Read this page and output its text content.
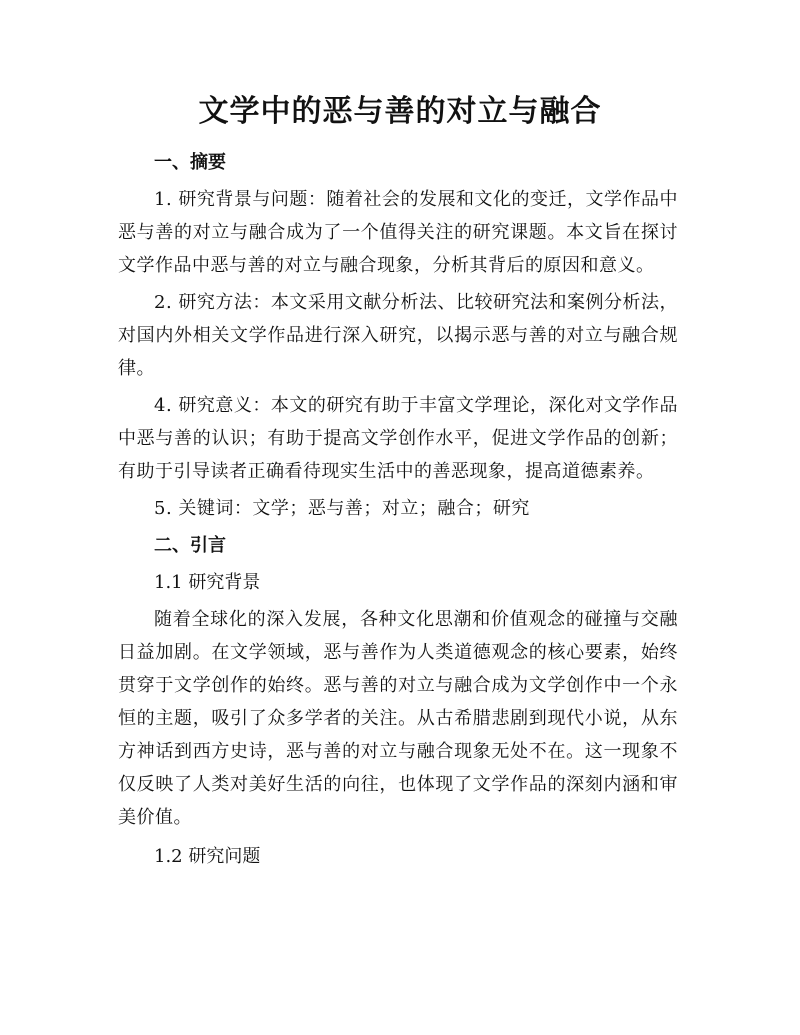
文学中的恶与善的对立与融合
一、摘要

1. 研究背景与问题：随着社会的发展和文化的变迁，文学作品中恶与善的对立与融合成为了一个值得关注的研究课题。本文旨在探讨文学作品中恶与善的对立与融合现象，分析其背后的原因和意义。

2. 研究方法：本文采用文献分析法、比较研究法和案例分析法，对国内外相关文学作品进行深入研究，以揭示恶与善的对立与融合规律。

4. 研究意义：本文的研究有助于丰富文学理论，深化对文学作品中恶与善的认识；有助于提高文学创作水平，促进文学作品的创新；有助于引导读者正确看待现实生活中的善恶现象，提高道德素养。

5. 关键词：文学；恶与善；对立；融合；研究

二、引言
1.1 研究背景

随着全球化的深入发展，各种文化思潮和价值观念的碰撞与交融日益加剧。在文学领域，恶与善作为人类道德观念的核心要素，始终贯穿于文学创作的始终。恶与善的对立与融合成为文学创作中一个永恒的主题，吸引了众多学者的关注。从古希腊悲剧到现代小说，从东方神话到西方史诗，恶与善的对立与融合现象无处不在。这一现象不仅反映了人类对美好生活的向往，也体现了文学作品的深刻内涵和审美价值。

1.2 研究问题
